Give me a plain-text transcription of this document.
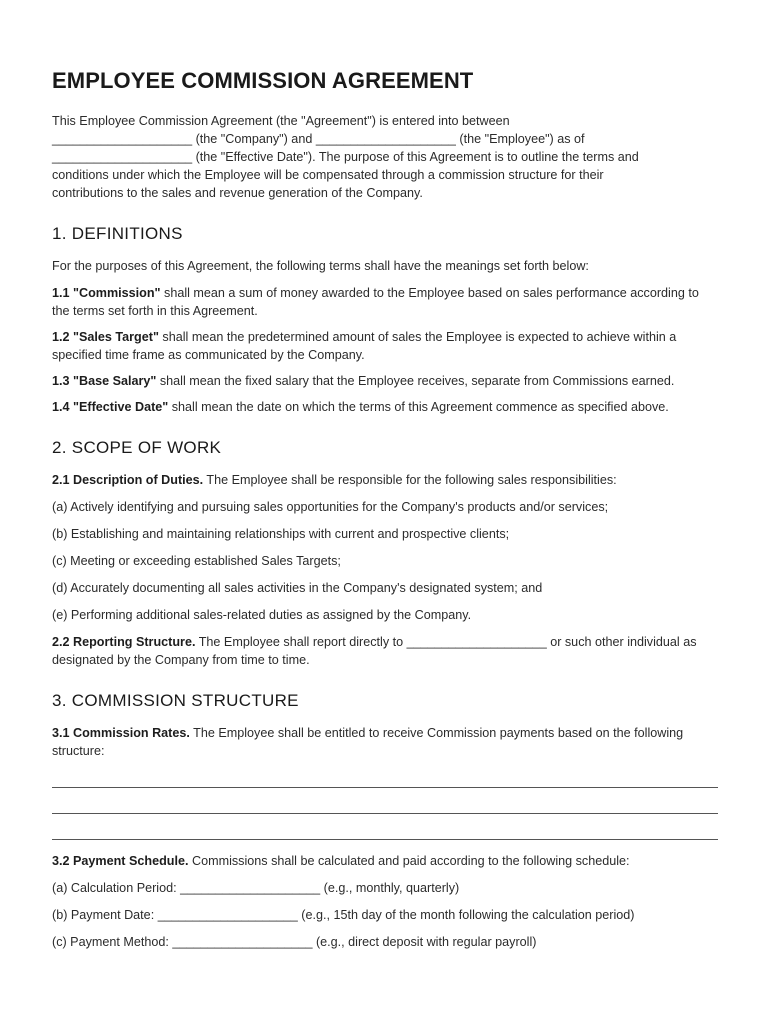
EMPLOYEE COMMISSION AGREEMENT

This Employee Commission Agreement (the "Agreement") is entered into between
____________________ (the "Company") and ____________________ (the "Employee") as of
____________________ (the "Effective Date"). The purpose of this Agreement is to outline the terms and
conditions under which the Employee will be compensated through a commission structure for their
contributions to the sales and revenue generation of the Company.

1. DEFINITIONS

For the purposes of this Agreement, the following terms shall have the meanings set forth below:

1.1 "Commission" shall mean a sum of money awarded to the Employee based on sales performance according to the terms set forth in this Agreement.

1.2 "Sales Target" shall mean the predetermined amount of sales the Employee is expected to achieve within a specified time frame as communicated by the Company.

1.3 "Base Salary" shall mean the fixed salary that the Employee receives, separate from Commissions earned.

1.4 "Effective Date" shall mean the date on which the terms of this Agreement commence as specified above.

2. SCOPE OF WORK

2.1 Description of Duties. The Employee shall be responsible for the following sales responsibilities:

(a) Actively identifying and pursuing sales opportunities for the Company's products and/or services;

(b) Establishing and maintaining relationships with current and prospective clients;

(c) Meeting or exceeding established Sales Targets;

(d) Accurately documenting all sales activities in the Company's designated system; and

(e) Performing additional sales-related duties as assigned by the Company.

2.2 Reporting Structure. The Employee shall report directly to ____________________ or such other individual as designated by the Company from time to time.

3. COMMISSION STRUCTURE

3.1 Commission Rates. The Employee shall be entitled to receive Commission payments based on the following structure:

3.2 Payment Schedule. Commissions shall be calculated and paid according to the following schedule:

(a) Calculation Period: ____________________ (e.g., monthly, quarterly)

(b) Payment Date: ____________________ (e.g., 15th day of the month following the calculation period)

(c) Payment Method: ____________________ (e.g., direct deposit with regular payroll)
